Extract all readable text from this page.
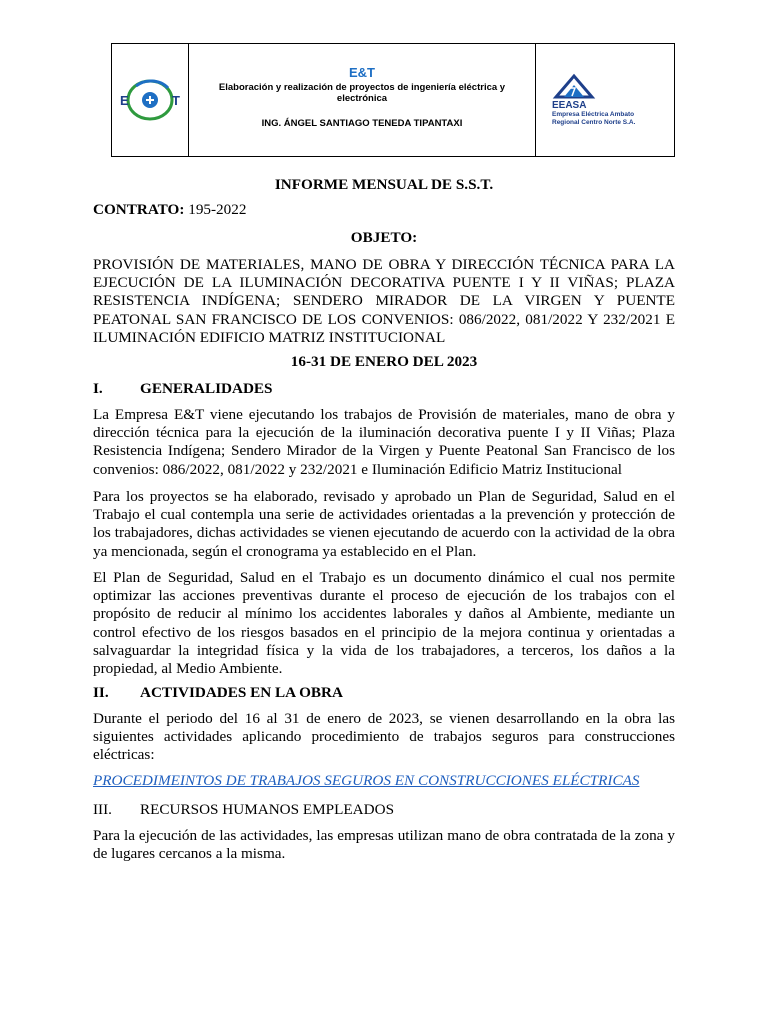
E	T
E&T
Elaboración y realización de proyectos de ingeniería eléctrica y electrónica
ING. ÁNGEL SANTIAGO TENEDA TIPANTAXI
EEASA
Empresa Eléctrica Ambato
Regional Centro Norte S.A.
INFORME MENSUAL DE S.S.T.
CONTRATO: 195-2022
OBJETO:
PROVISIÓN DE MATERIALES, MANO DE OBRA Y DIRECCIÓN TÉCNICA PARA LA EJECUCIÓN DE LA ILUMINACIÓN DECORATIVA PUENTE I Y II VIÑAS; PLAZA RESISTENCIA INDÍGENA; SENDERO MIRADOR DE LA VIRGEN Y PUENTE PEATONAL SAN FRANCISCO DE LOS CONVENIOS: 086/2022, 081/2022 Y 232/2021 E ILUMINACIÓN EDIFICIO MATRIZ INSTITUCIONAL
16-31 DE ENERO DEL 2023
I.	GENERALIDADES
La Empresa E&T viene ejecutando los trabajos de Provisión de materiales, mano de obra y dirección técnica para la ejecución de la iluminación decorativa puente I y II Viñas; Plaza Resistencia Indígena; Sendero Mirador de la Virgen y Puente Peatonal San Francisco de los convenios: 086/2022, 081/2022 y 232/2021 e Iluminación Edificio Matriz Institucional
Para los proyectos se ha elaborado, revisado y aprobado un Plan de Seguridad, Salud en el Trabajo el cual contempla una serie de actividades orientadas a la prevención y protección de los trabajadores, dichas actividades se vienen ejecutando de acuerdo con la actividad de la obra ya mencionada, según el cronograma ya establecido en el Plan.
El Plan de Seguridad, Salud en el Trabajo es un documento dinámico el cual nos permite optimizar las acciones preventivas durante el proceso de ejecución de los trabajos con el propósito de reducir al mínimo los accidentes laborales y daños al Ambiente, mediante un control efectivo de los riesgos basados en el principio de la mejora continua y orientadas a salvaguardar la integridad física y la vida de los trabajadores, a terceros, los daños a la propiedad, al Medio Ambiente.
II.	ACTIVIDADES EN LA OBRA
Durante el periodo del 16 al 31 de enero de 2023, se vienen desarrollando en la obra las siguientes actividades aplicando procedimiento de trabajos seguros para construcciones eléctricas:
PROCEDIMEINTOS DE TRABAJOS SEGUROS EN CONSTRUCCIONES ELÉCTRICAS
III.	RECURSOS HUMANOS EMPLEADOS
Para la ejecución de las actividades, las empresas utilizan mano de obra contratada de la zona y de lugares cercanos a la misma.
